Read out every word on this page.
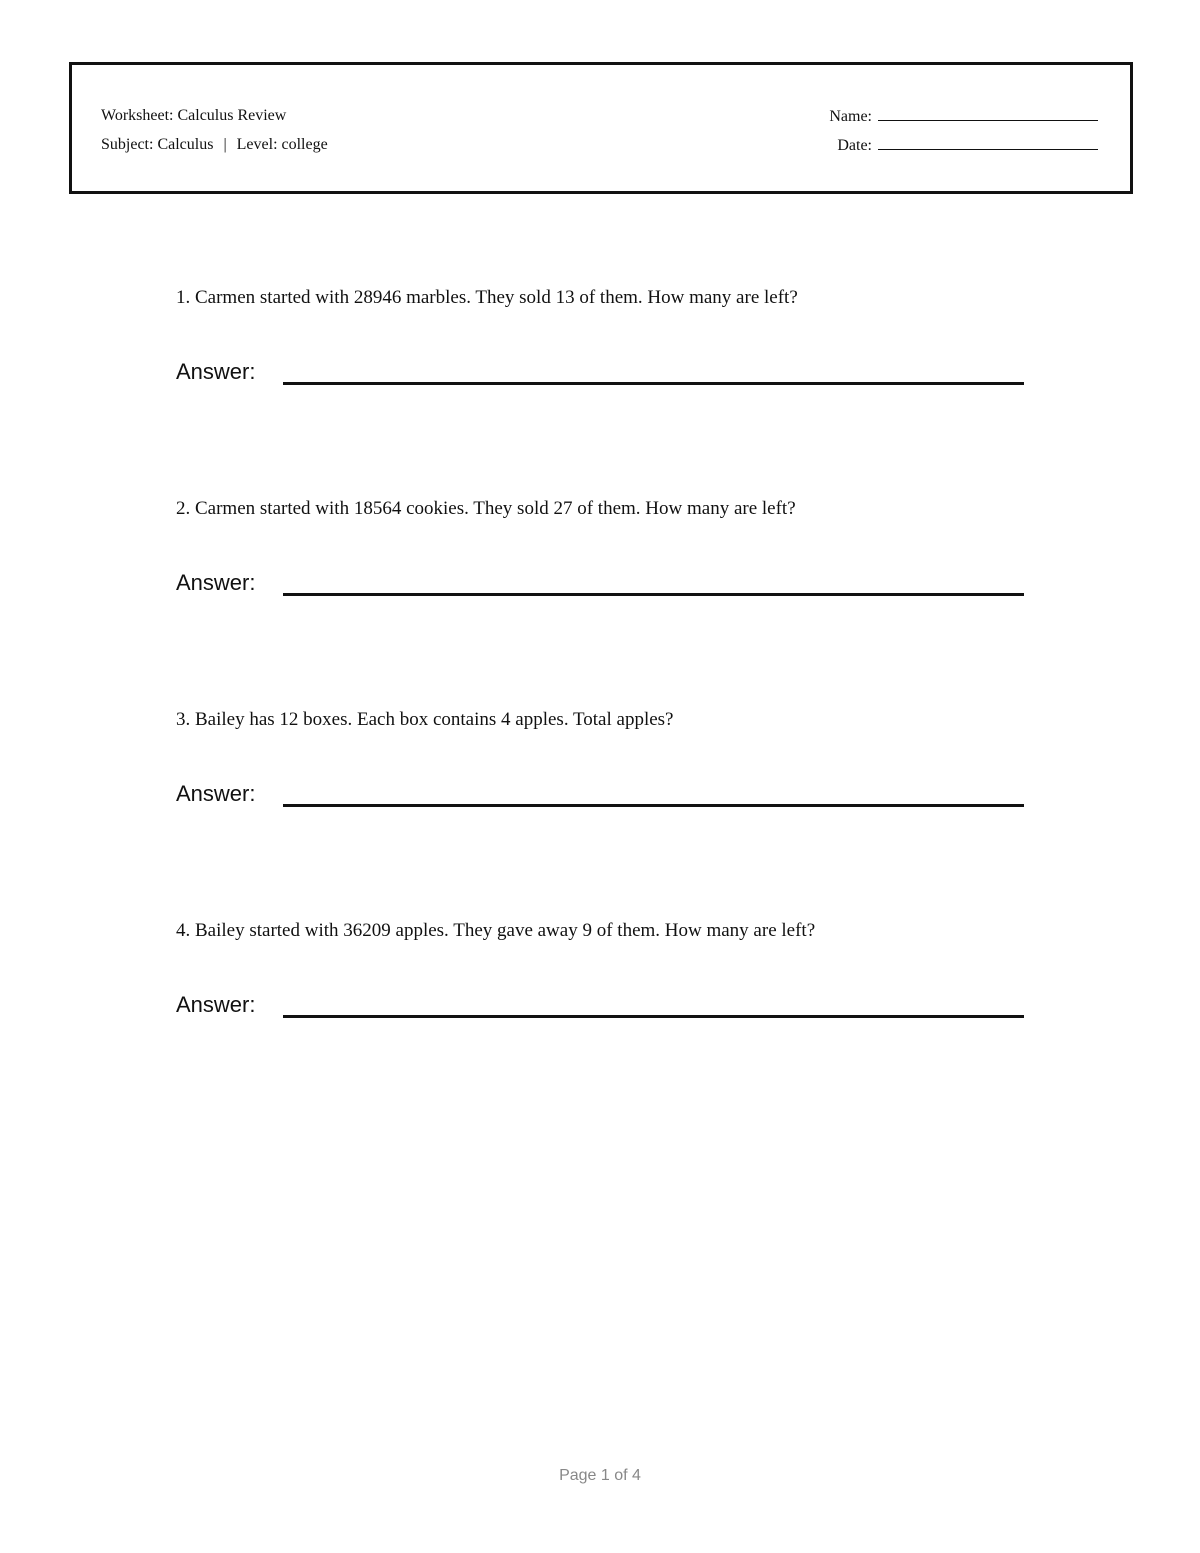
Worksheet: Calculus Review
Subject: Calculus | Level: college
Name:
Date:
1. Carmen started with 28946 marbles. They sold 13 of them. How many are left?
Answer:
2. Carmen started with 18564 cookies. They sold 27 of them. How many are left?
Answer:
3. Bailey has 12 boxes. Each box contains 4 apples. Total apples?
Answer:
4. Bailey started with 36209 apples. They gave away 9 of them. How many are left?
Answer:
Page 1 of 4
